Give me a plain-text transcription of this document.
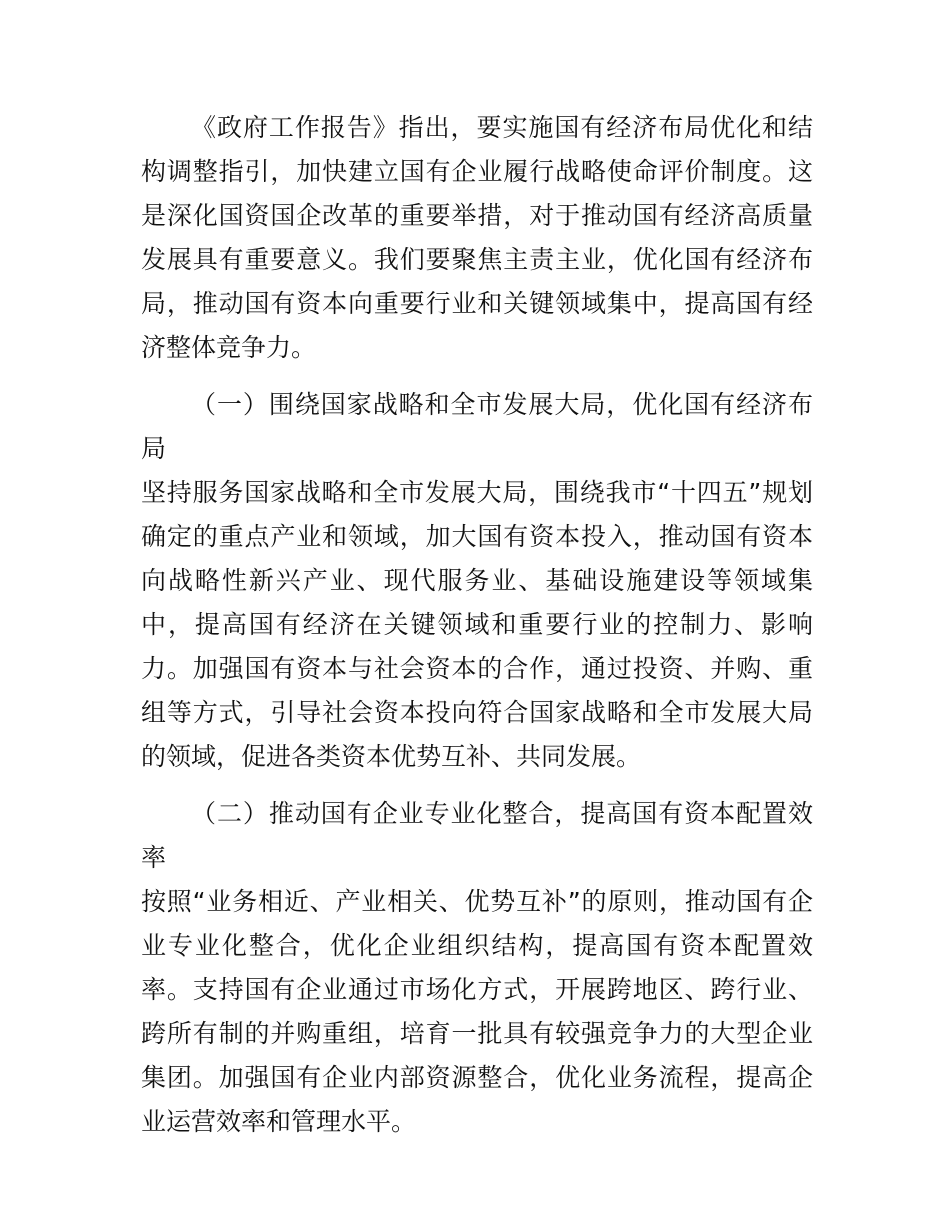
《政府工作报告》指出，要实施国有经济布局优化和结构调整指引，加快建立国有企业履行战略使命评价制度。这是深化国资国企改革的重要举措，对于推动国有经济高质量发展具有重要意义。我们要聚焦主责主业，优化国有经济布局，推动国有资本向重要行业和关键领域集中，提高国有经济整体竞争力。

（一）围绕国家战略和全市发展大局，优化国有经济布局
坚持服务国家战略和全市发展大局，围绕我市“十四五”规划确定的重点产业和领域，加大国有资本投入，推动国有资本向战略性新兴产业、现代服务业、基础设施建设等领域集中，提高国有经济在关键领域和重要行业的控制力、影响力。加强国有资本与社会资本的合作，通过投资、并购、重组等方式，引导社会资本投向符合国家战略和全市发展大局的领域，促进各类资本优势互补、共同发展。

（二）推动国有企业专业化整合，提高国有资本配置效率
按照“业务相近、产业相关、优势互补”的原则，推动国有企业专业化整合，优化企业组织结构，提高国有资本配置效率。支持国有企业通过市场化方式，开展跨地区、跨行业、跨所有制的并购重组，培育一批具有较强竞争力的大型企业集团。加强国有企业内部资源整合，优化业务流程，提高企业运营效率和管理水平。
